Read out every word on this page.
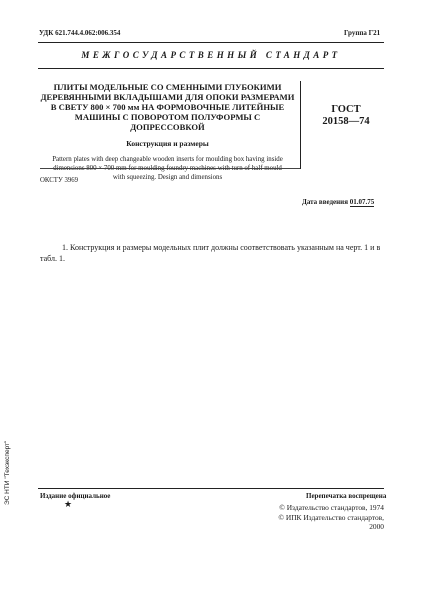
УДК 621.744.4.062:006.354	Группа Г21
МЕЖГОСУДАРСТВЕННЫЙ СТАНДАРТ

ПЛИТЫ МОДЕЛЬНЫЕ СО СМЕННЫМИ ГЛУБОКИМИ
ДЕРЕВЯННЫМИ ВКЛАДЫШАМИ ДЛЯ ОПОКИ РАЗМЕРАМИ
В СВЕТУ 800 × 700 мм НА ФОРМОВОЧНЫЕ ЛИТЕЙНЫЕ
МАШИНЫ С ПОВОРОТОМ ПОЛУФОРМЫ С ДОПРЕССОВКОЙ

Конструкция и размеры
Pattern plates with deep changeable wooden inserts for moulding box having inside
dimensions 800 × 700 mm for moulding foundry machines with turn of half mould
with squeezing. Design and dimensions
ГОСТ
20158—74
ОКСТУ 3969
Дата введения 01.07.75
1. Конструкция и размеры модельных плит должны соответствовать указанным на черт. 1 и в табл. 1.
ЭС НТИ "Техэксперт"	Издание официальное
★
Перепечатка воспрещена
© Издательство стандартов, 1974
© ИПК Издательство стандартов, 2000
